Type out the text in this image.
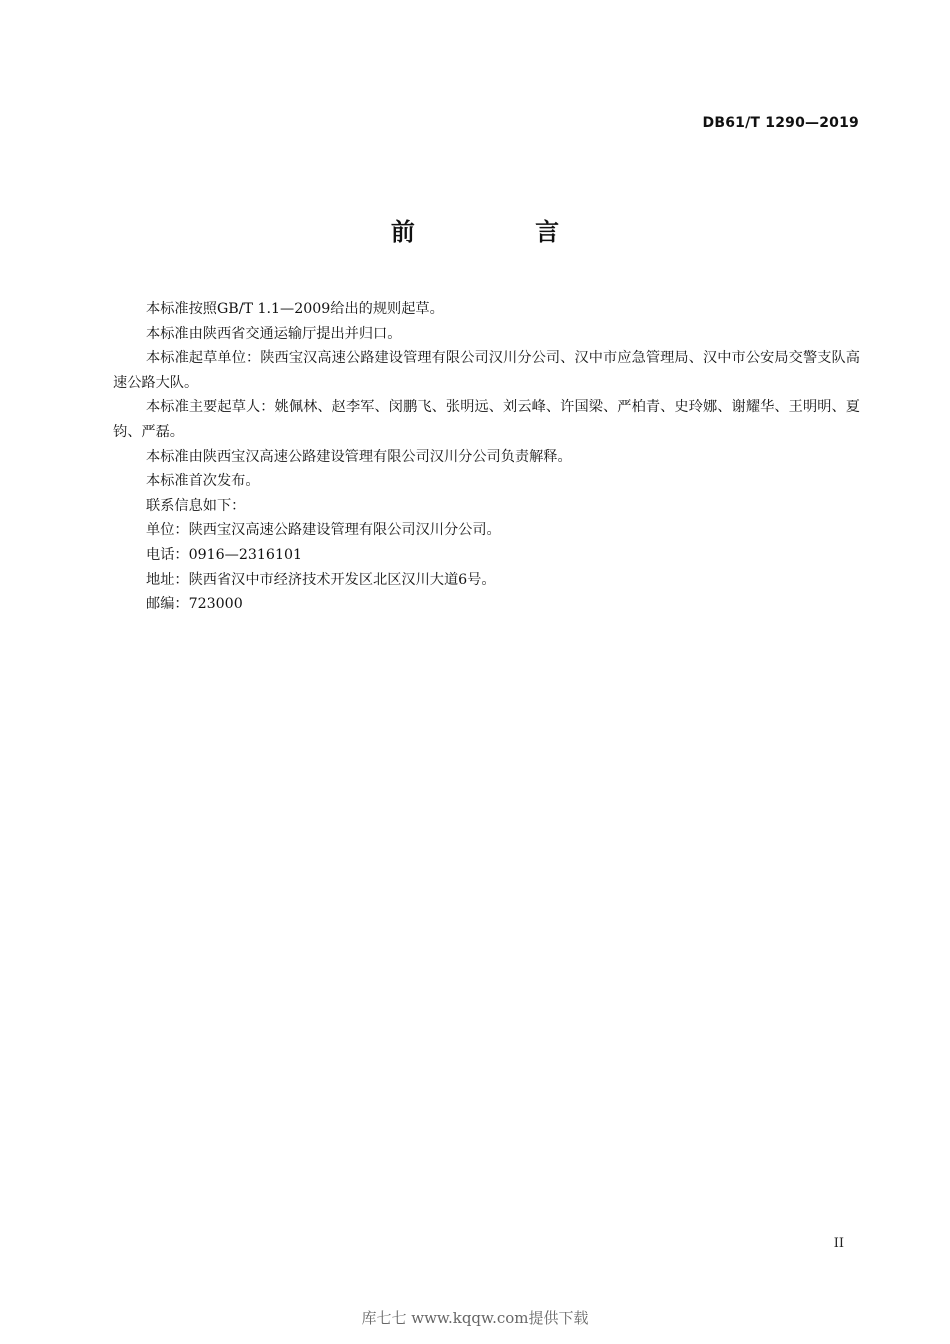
DB61/T 1290—2019
前 言

本标准按照GB/T 1.1—2009给出的规则起草。

本标准由陕西省交通运输厅提出并归口。

本标准起草单位：陕西宝汉高速公路建设管理有限公司汉川分公司、汉中市应急管理局、汉中市公安局交警支队高速公路大队。

本标准主要起草人：姚佩林、赵李军、闵鹏飞、张明远、刘云峰、许国梁、严柏青、史玲娜、谢耀华、王明明、夏钧、严磊。

本标准由陕西宝汉高速公路建设管理有限公司汉川分公司负责解释。

本标准首次发布。

联系信息如下：

单位：陕西宝汉高速公路建设管理有限公司汉川分公司。

电话：0916—2316101

地址：陕西省汉中市经济技术开发区北区汉川大道6号。

邮编：723000

II
库七七 www.kqqw.com提供下载
